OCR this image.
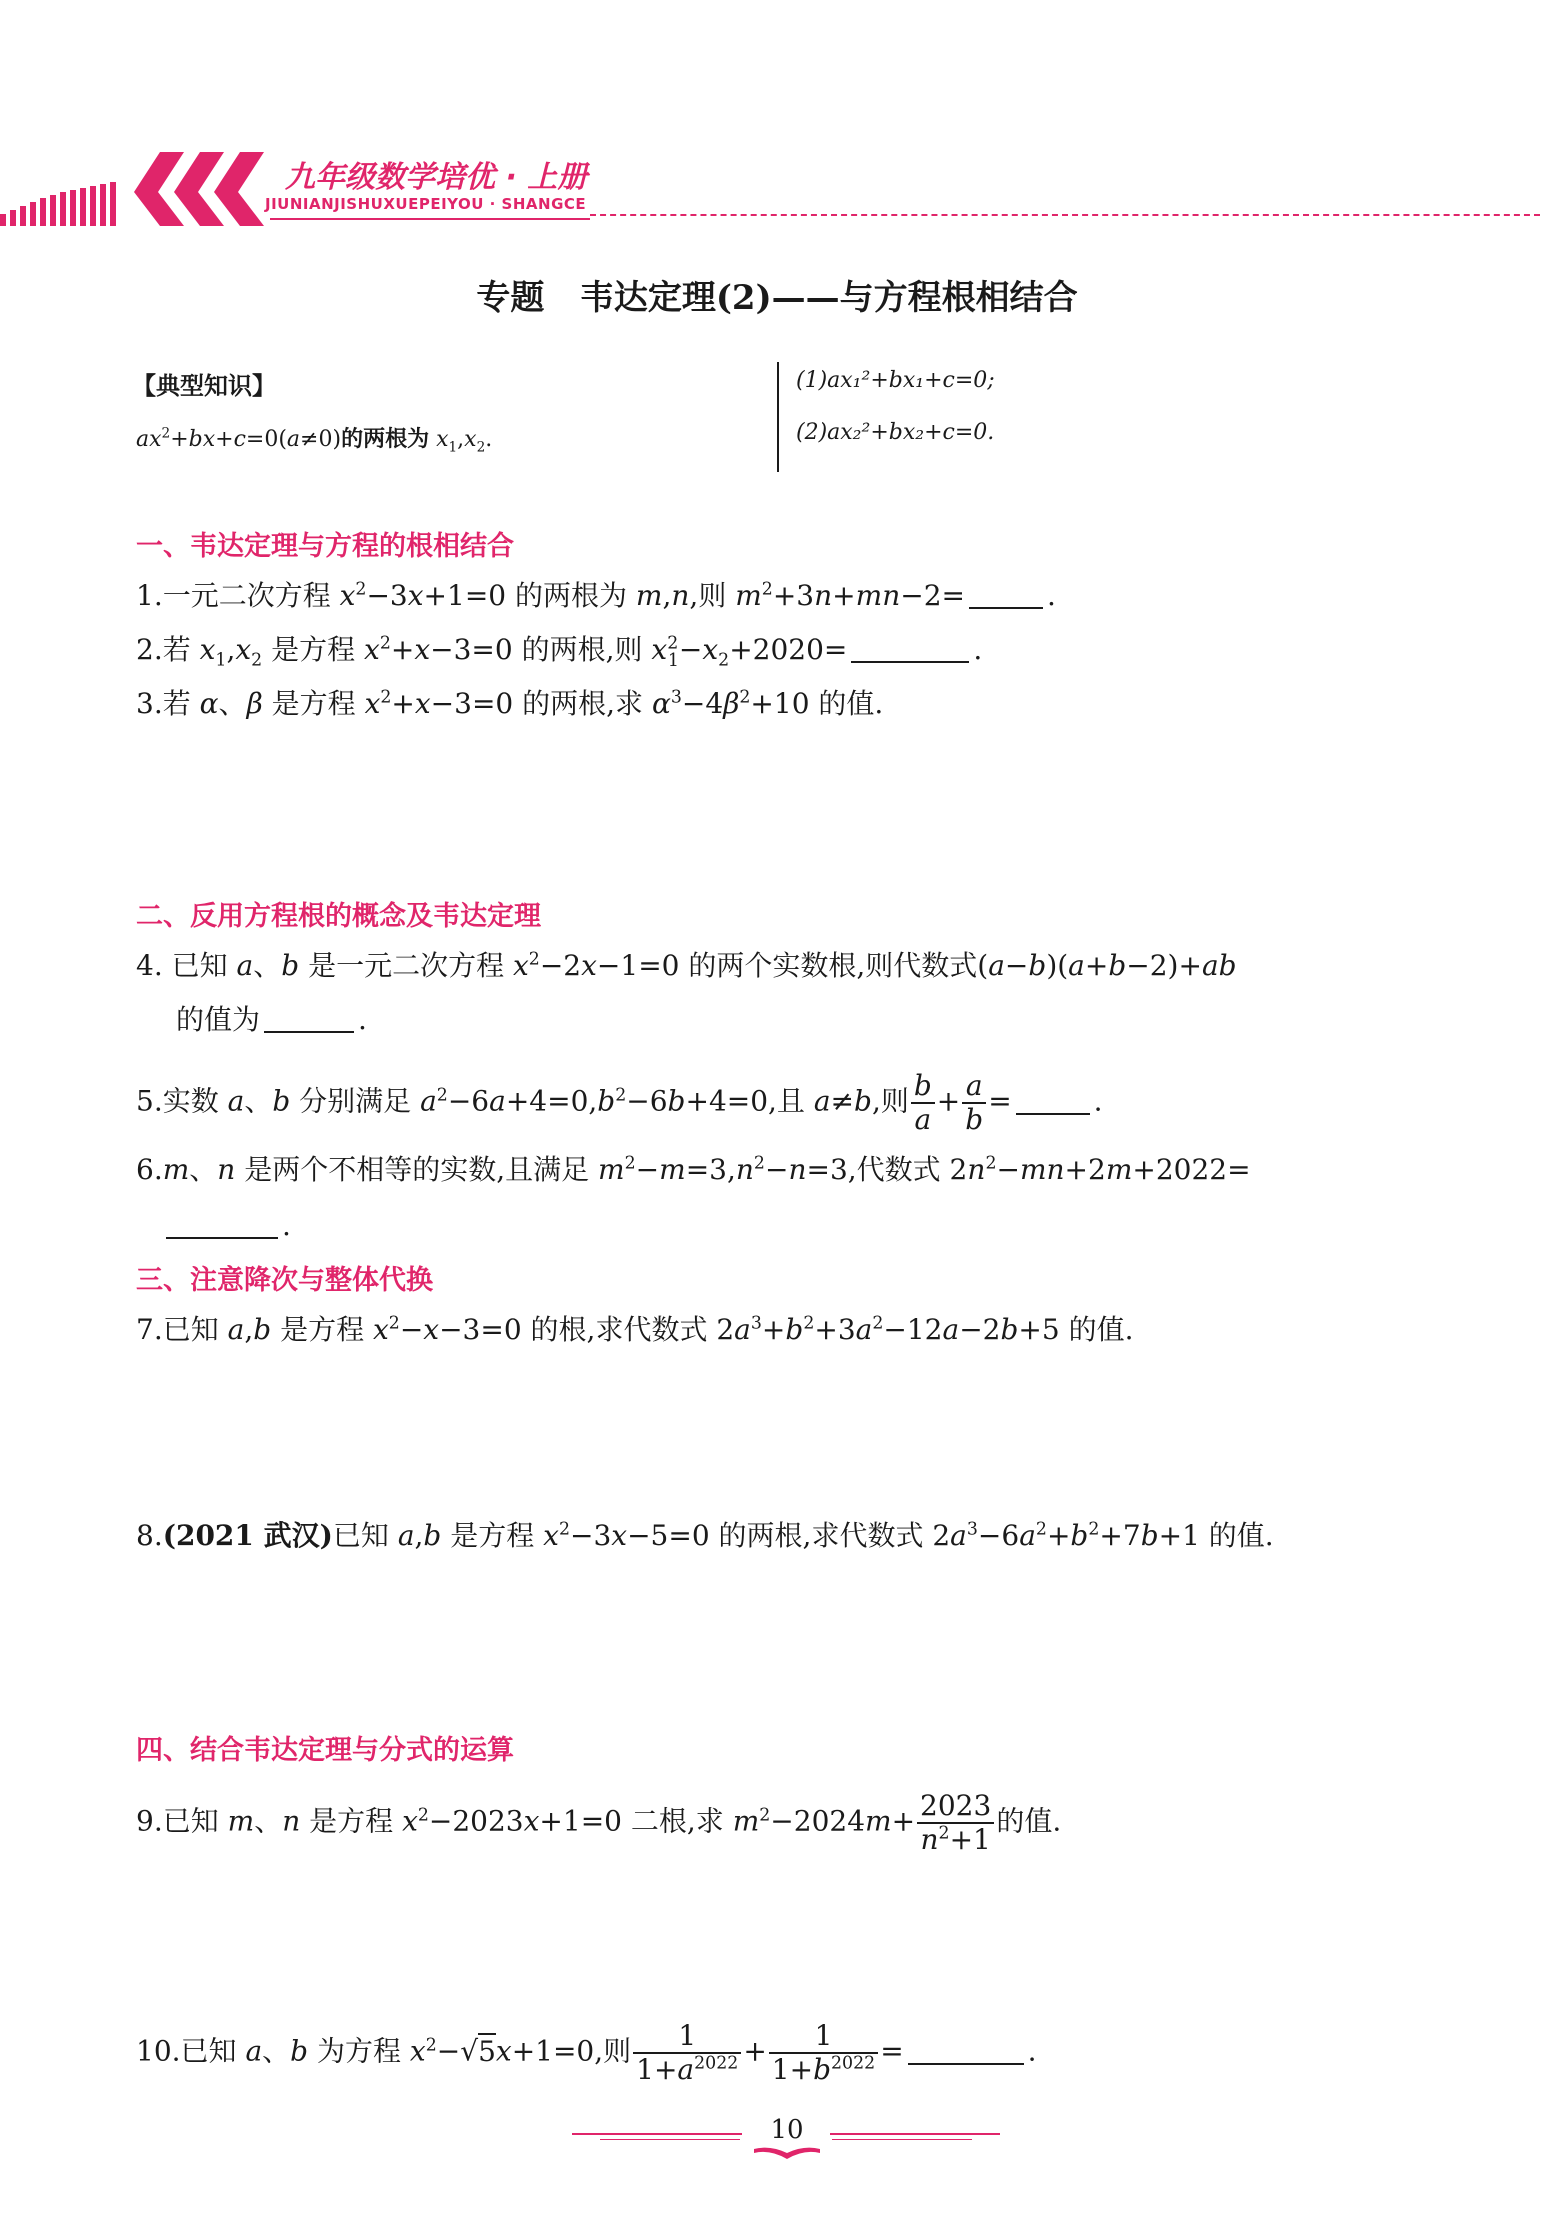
九年级数学培优 · 上册
JIUNIANJISHUXUEPEIYOU · SHANGCE
专题   韦达定理(2)——与方程根相结合
【典型知识】
$ax^2+bx+c=0(a\ne 0)$的两根为 $x_1,x_2$.
(1)ax₁²+bx₁+c=0;
(2)ax₂²+bx₂+c=0.
一、韦达定理与方程的根相结合
1.一元二次方程 $x^2-3x+1=0$ 的两根为 m,n,则 $m^2+3n+mn-2=$	.
2.若 $x_1,x_2$ 是方程 $x^2+x-3=0$ 的两根,则 $x^2_1-x_2+2020=$	.
3.若 α、β 是方程 $x^2+x-3=0$ 的两根,求 $\alpha^3-4\beta^2+10$ 的值.
二、反用方程根的概念及韦达定理
4. 已知 a、b 是一元二次方程 $x^2-2x-1=0$ 的两个实数根,则代数式(a−b)(a+b−2)+ab
的值为	.
5.实数 a、b 分别满足 $a^2-6a+4=0,b^2-6b+4=0$,且 a≠b,则 $\frac{b}{a} + \frac{a}{b}$ =	.
6.m、n 是两个不相等的实数,且满足 $m^2-m=3,n^2-n=3$,代数式 $2n^2-mn+2m+2022=$
.
三、注意降次与整体代换
7.已知 a,b 是方程 $x^2-x-3=0$ 的根,求代数式 $2a^3+b^2+3a^2-12a-2b+5$ 的值.
8.(2021 武汉)已知 a,b 是方程 $x^2-3x-5=0$ 的两根,求代数式 $2a^3-6a^2+b^2+7b+1$ 的值.
四、结合韦达定理与分式的运算
9.已知 m、n 是方程 $x^2-2023x+1=0$ 二根,求 $m^2-2024m+ \frac{2023}{n^2+1}$ 的值.
10.已知 a、b 为方程 $x^2-√5x+1=0$,则 $\frac{1}{1+a^{2022}} + \frac{1}{1+b^{2022}}$ =	.
10
